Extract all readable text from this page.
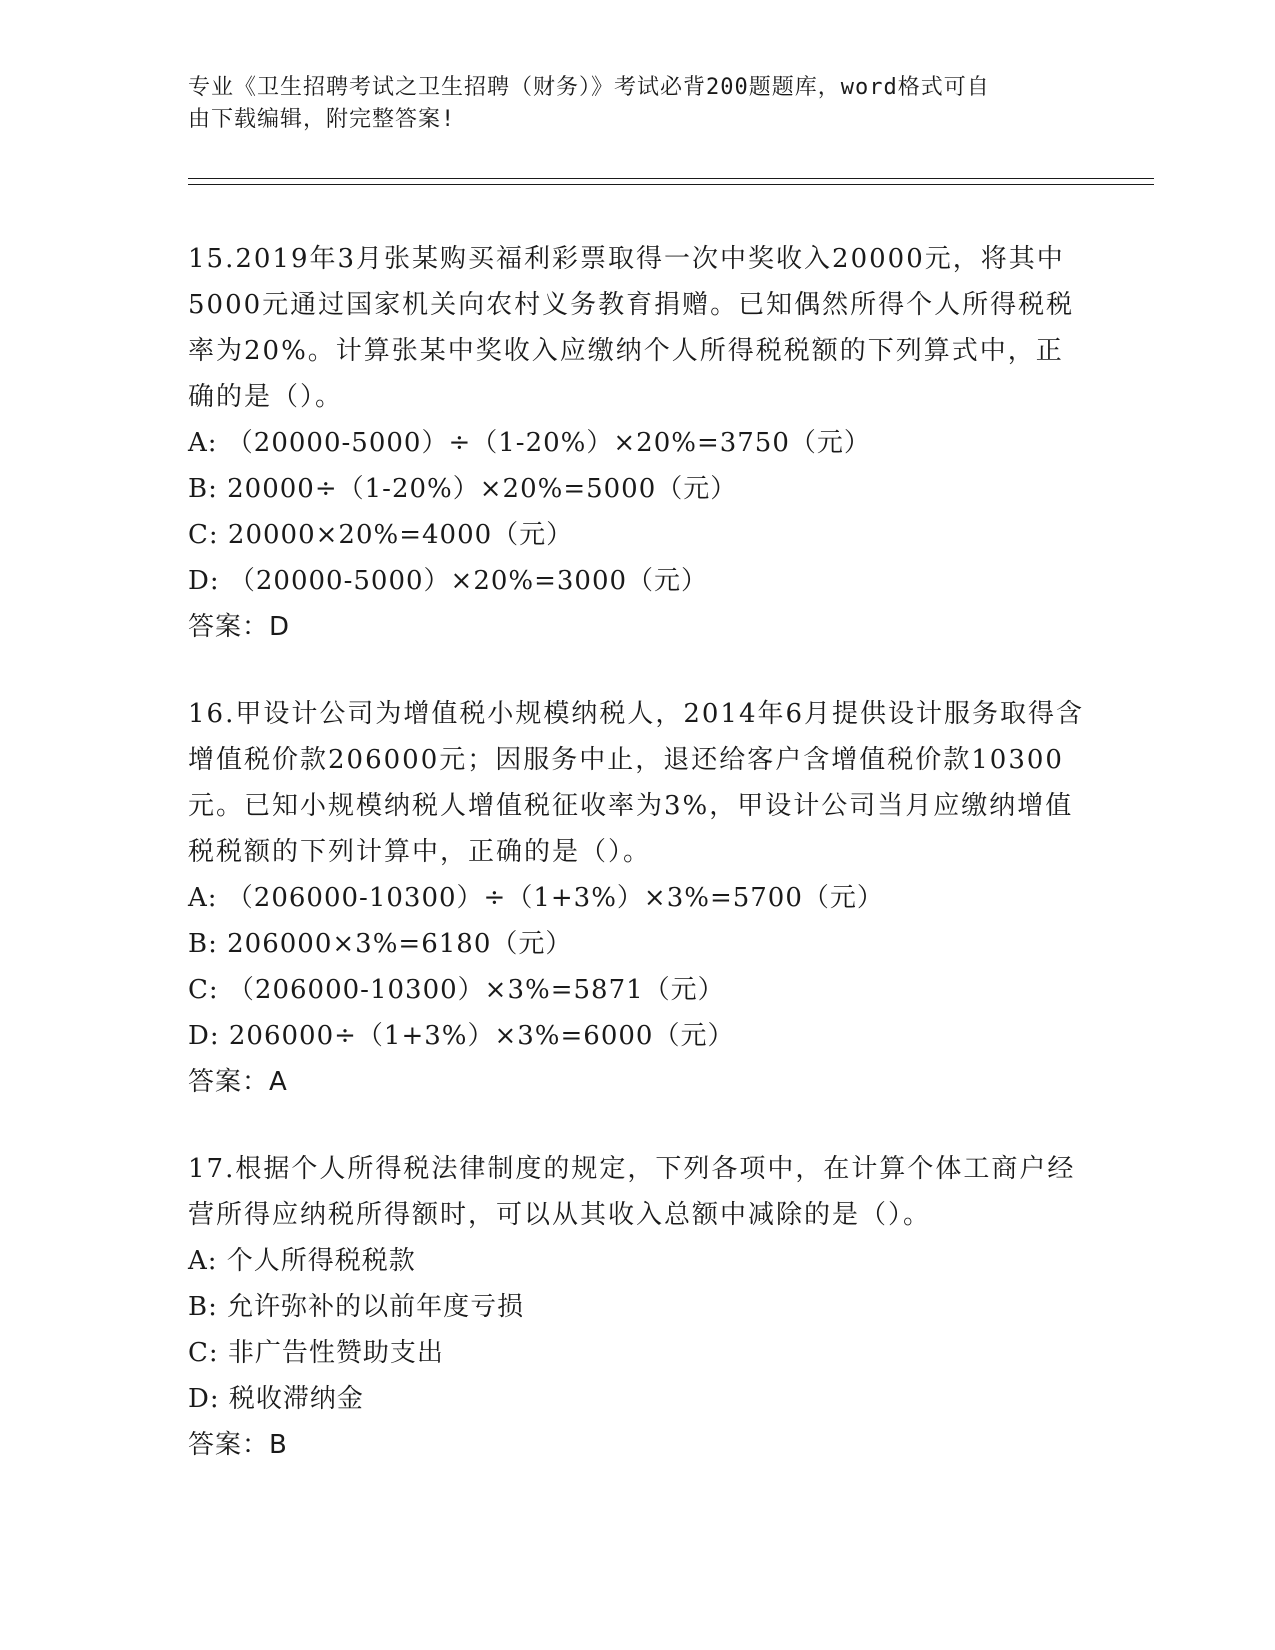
专业《卫生招聘考试之卫生招聘（财务）》考试必背200题题库，word格式可自
由下载编辑，附完整答案!

15.2019年3月张某购买福利彩票取得一次中奖收入20000元，将其中5000元通过国家机关向农村义务教育捐赠。已知偶然所得个人所得税税率为20%。计算张某中奖收入应缴纳个人所得税税额的下列算式中，正确的是（）。

A: （20000-5000）÷（1-20%）×20%=3750（元）

B: 20000÷（1-20%）×20%=5000（元）

C: 20000×20%=4000（元）

D: （20000-5000）×20%=3000（元）

答案：D

16.甲设计公司为增值税小规模纳税人，2014年6月提供设计服务取得含增值税价款206000元；因服务中止，退还给客户含增值税价款10300元。已知小规模纳税人增值税征收率为3%，甲设计公司当月应缴纳增值税税额的下列计算中，正确的是（）。

A: （206000-10300）÷（1+3%）×3%=5700（元）

B: 206000×3%=6180（元）

C: （206000-10300）×3%=5871（元）

D: 206000÷（1+3%）×3%=6000（元）

答案：A

17.根据个人所得税法律制度的规定，下列各项中，在计算个体工商户经营所得应纳税所得额时，可以从其收入总额中减除的是（）。

A: 个人所得税税款

B: 允许弥补的以前年度亏损

C: 非广告性赞助支出

D: 税收滞纳金

答案：B
